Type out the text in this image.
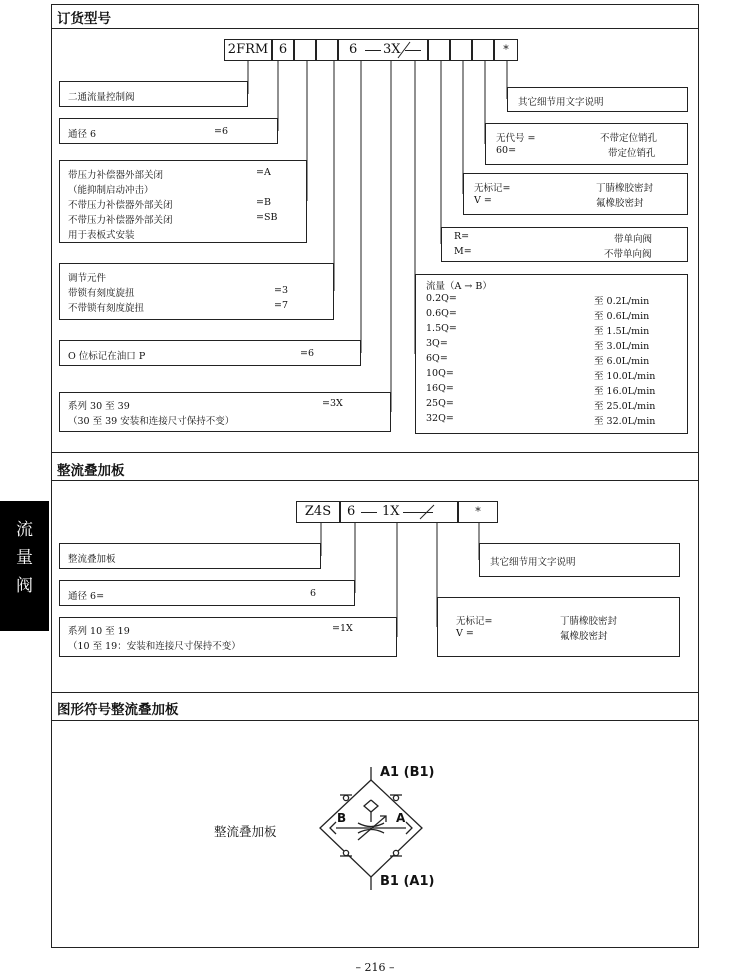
流
量
阀
订货型号
2FRM 6	6 3X	*
二通流量控制阀
通径 6	=6
带压力补偿器外部关闭	=A
（能抑制启动冲击）
不带压力补偿器外部关闭	=B
不带压力补偿器外部关闭	=SB
用于表板式安装
调节元件
带锁有刻度旋扭	=3
不带锁有刻度旋扭	=7
O 位标记在油口 P	=6
系列 30 至 39	=3X
（30 至 39 安装和连接尺寸保持不变）
其它细节用文字说明
无代号 =	不带定位销孔
60=	带定位销孔
无标记=	丁腈橡胶密封
V =	氟橡胶密封
R=	带单向阀
M=	不带单向阀
流量（A → B）
0.2Q=	至 0.2L/min
0.6Q=	至 0.6L/min
1.5Q=	至 1.5L/min
3Q=	至 3.0L/min
6Q=	至 6.0L/min
10Q=	至 10.0L/min
16Q=	至 16.0L/min
25Q=	至 25.0L/min
32Q=	至 32.0L/min
整流叠加板
Z4S	6 1X	*
整流叠加板
通径 6=	6
系列 10 至 19	=1X
（10 至 19：安装和连接尺寸保持不变）
其它细节用文字说明
无标记=	丁腈橡胶密封
V =	氟橡胶密封
图形符号整流叠加板
整流叠加板
A1 (B1)
B1 (A1)
B	A
– 216 –
